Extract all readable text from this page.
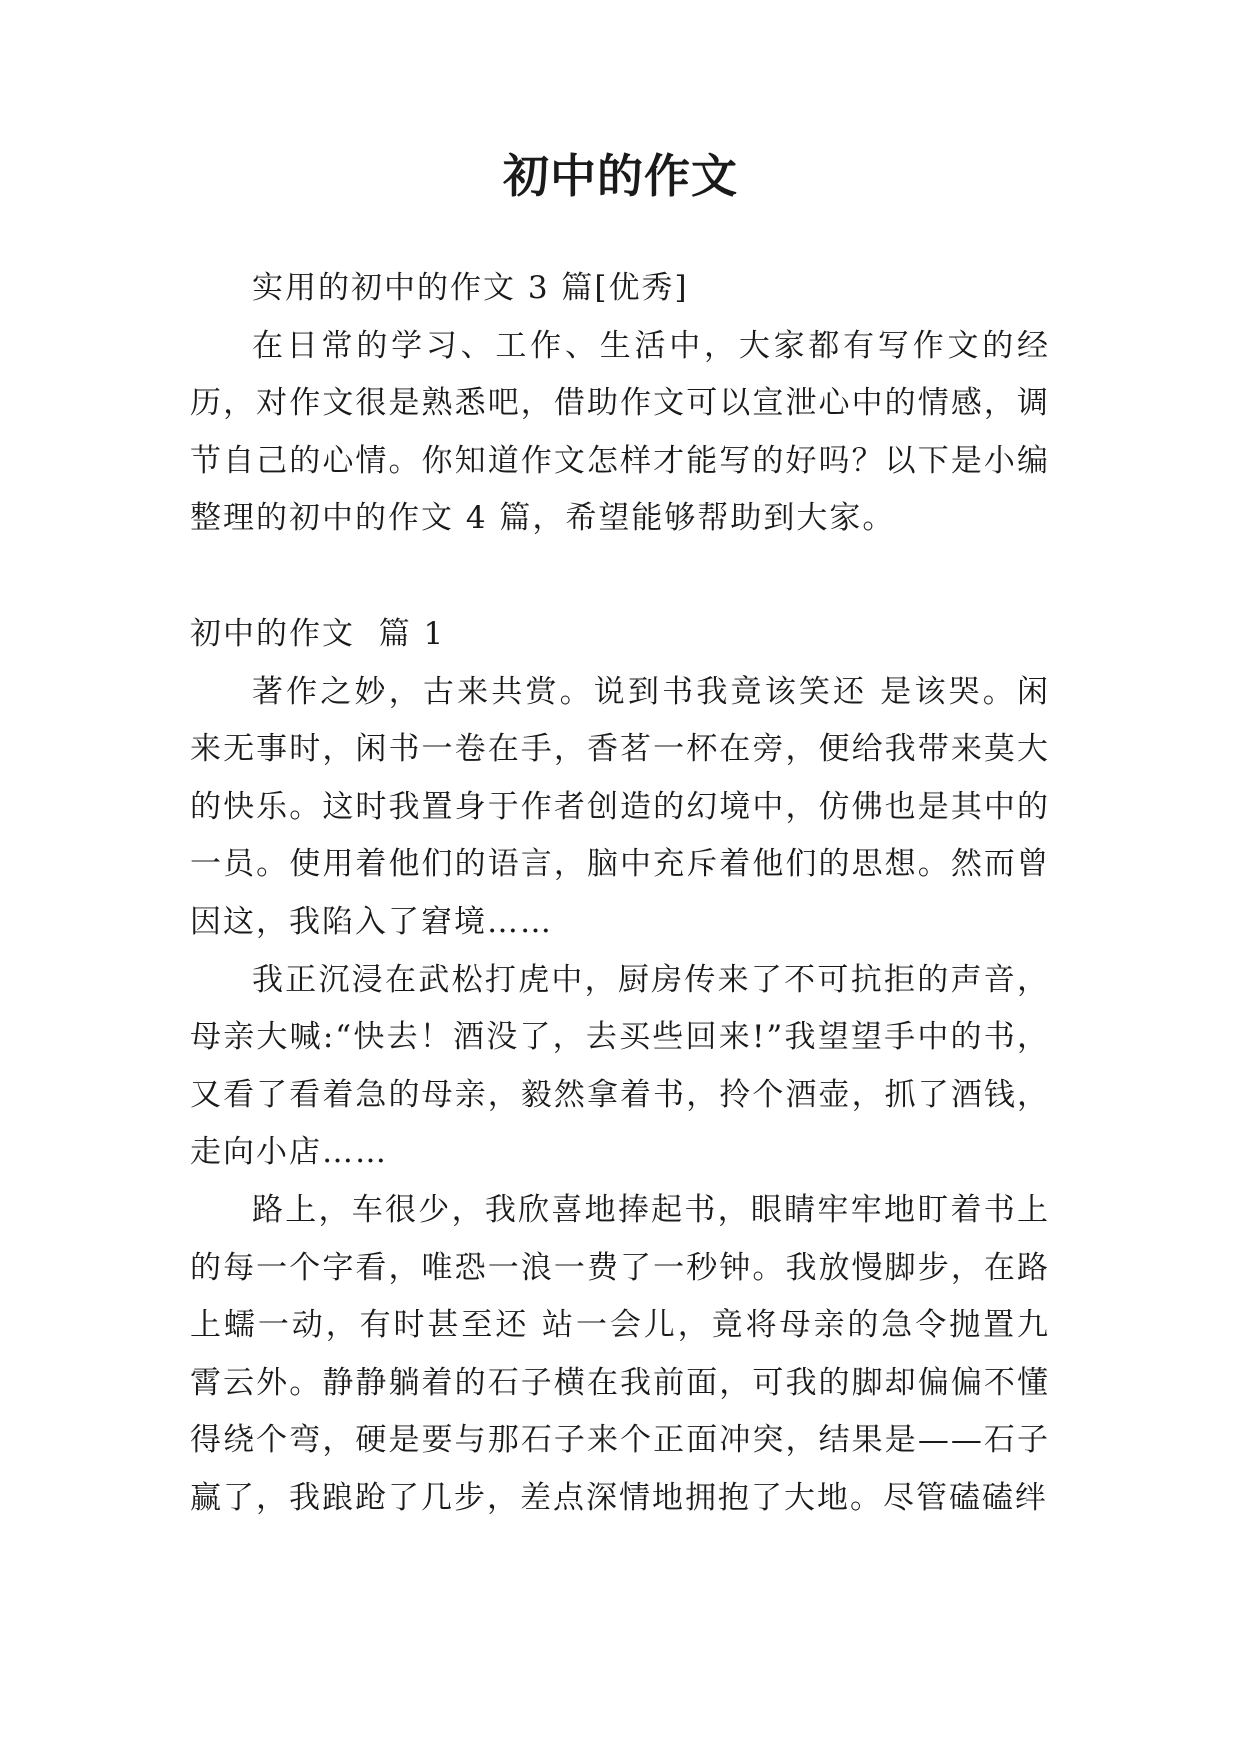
初中的作文

实用的初中的作文 3 篇[优秀]

在日常的学习、工作、生活中，大家都有写作文的经历，对作文很是熟悉吧，借助作文可以宣泄心中的情感，调节自己的心情。你知道作文怎样才能写的好吗？以下是小编整理的初中的作文 4 篇，希望能够帮助到大家。

初中的作文  篇 1

著作之妙，古来共赏。说到书我竟该笑还 是该哭。闲来无事时，闲书一卷在手，香茗一杯在旁，便给我带来莫大的快乐。这时我置身于作者创造的幻境中，仿佛也是其中的一员。使用着他们的语言，脑中充斥着他们的思想。然而曾因这，我陷入了窘境……

我正沉浸在武松打虎中，厨房传来了不可抗拒的声音，母亲大喊:“快去！酒没了，去买些回来!”我望望手中的书，又看了看着急的母亲，毅然拿着书，拎个酒壶，抓了酒钱，走向小店……

路上，车很少，我欣喜地捧起书，眼睛牢牢地盯着书上的每一个字看，唯恐一浪一费了一秒钟。我放慢脚步，在路上蠕一动，有时甚至还 站一会儿，竟将母亲的急令抛置九霄云外。静静躺着的石子横在我前面，可我的脚却偏偏不懂得绕个弯，硬是要与那石子来个正面冲突，结果是——石子赢了，我踉跄了几步，差点深情地拥抱了大地。尽管磕磕绊
